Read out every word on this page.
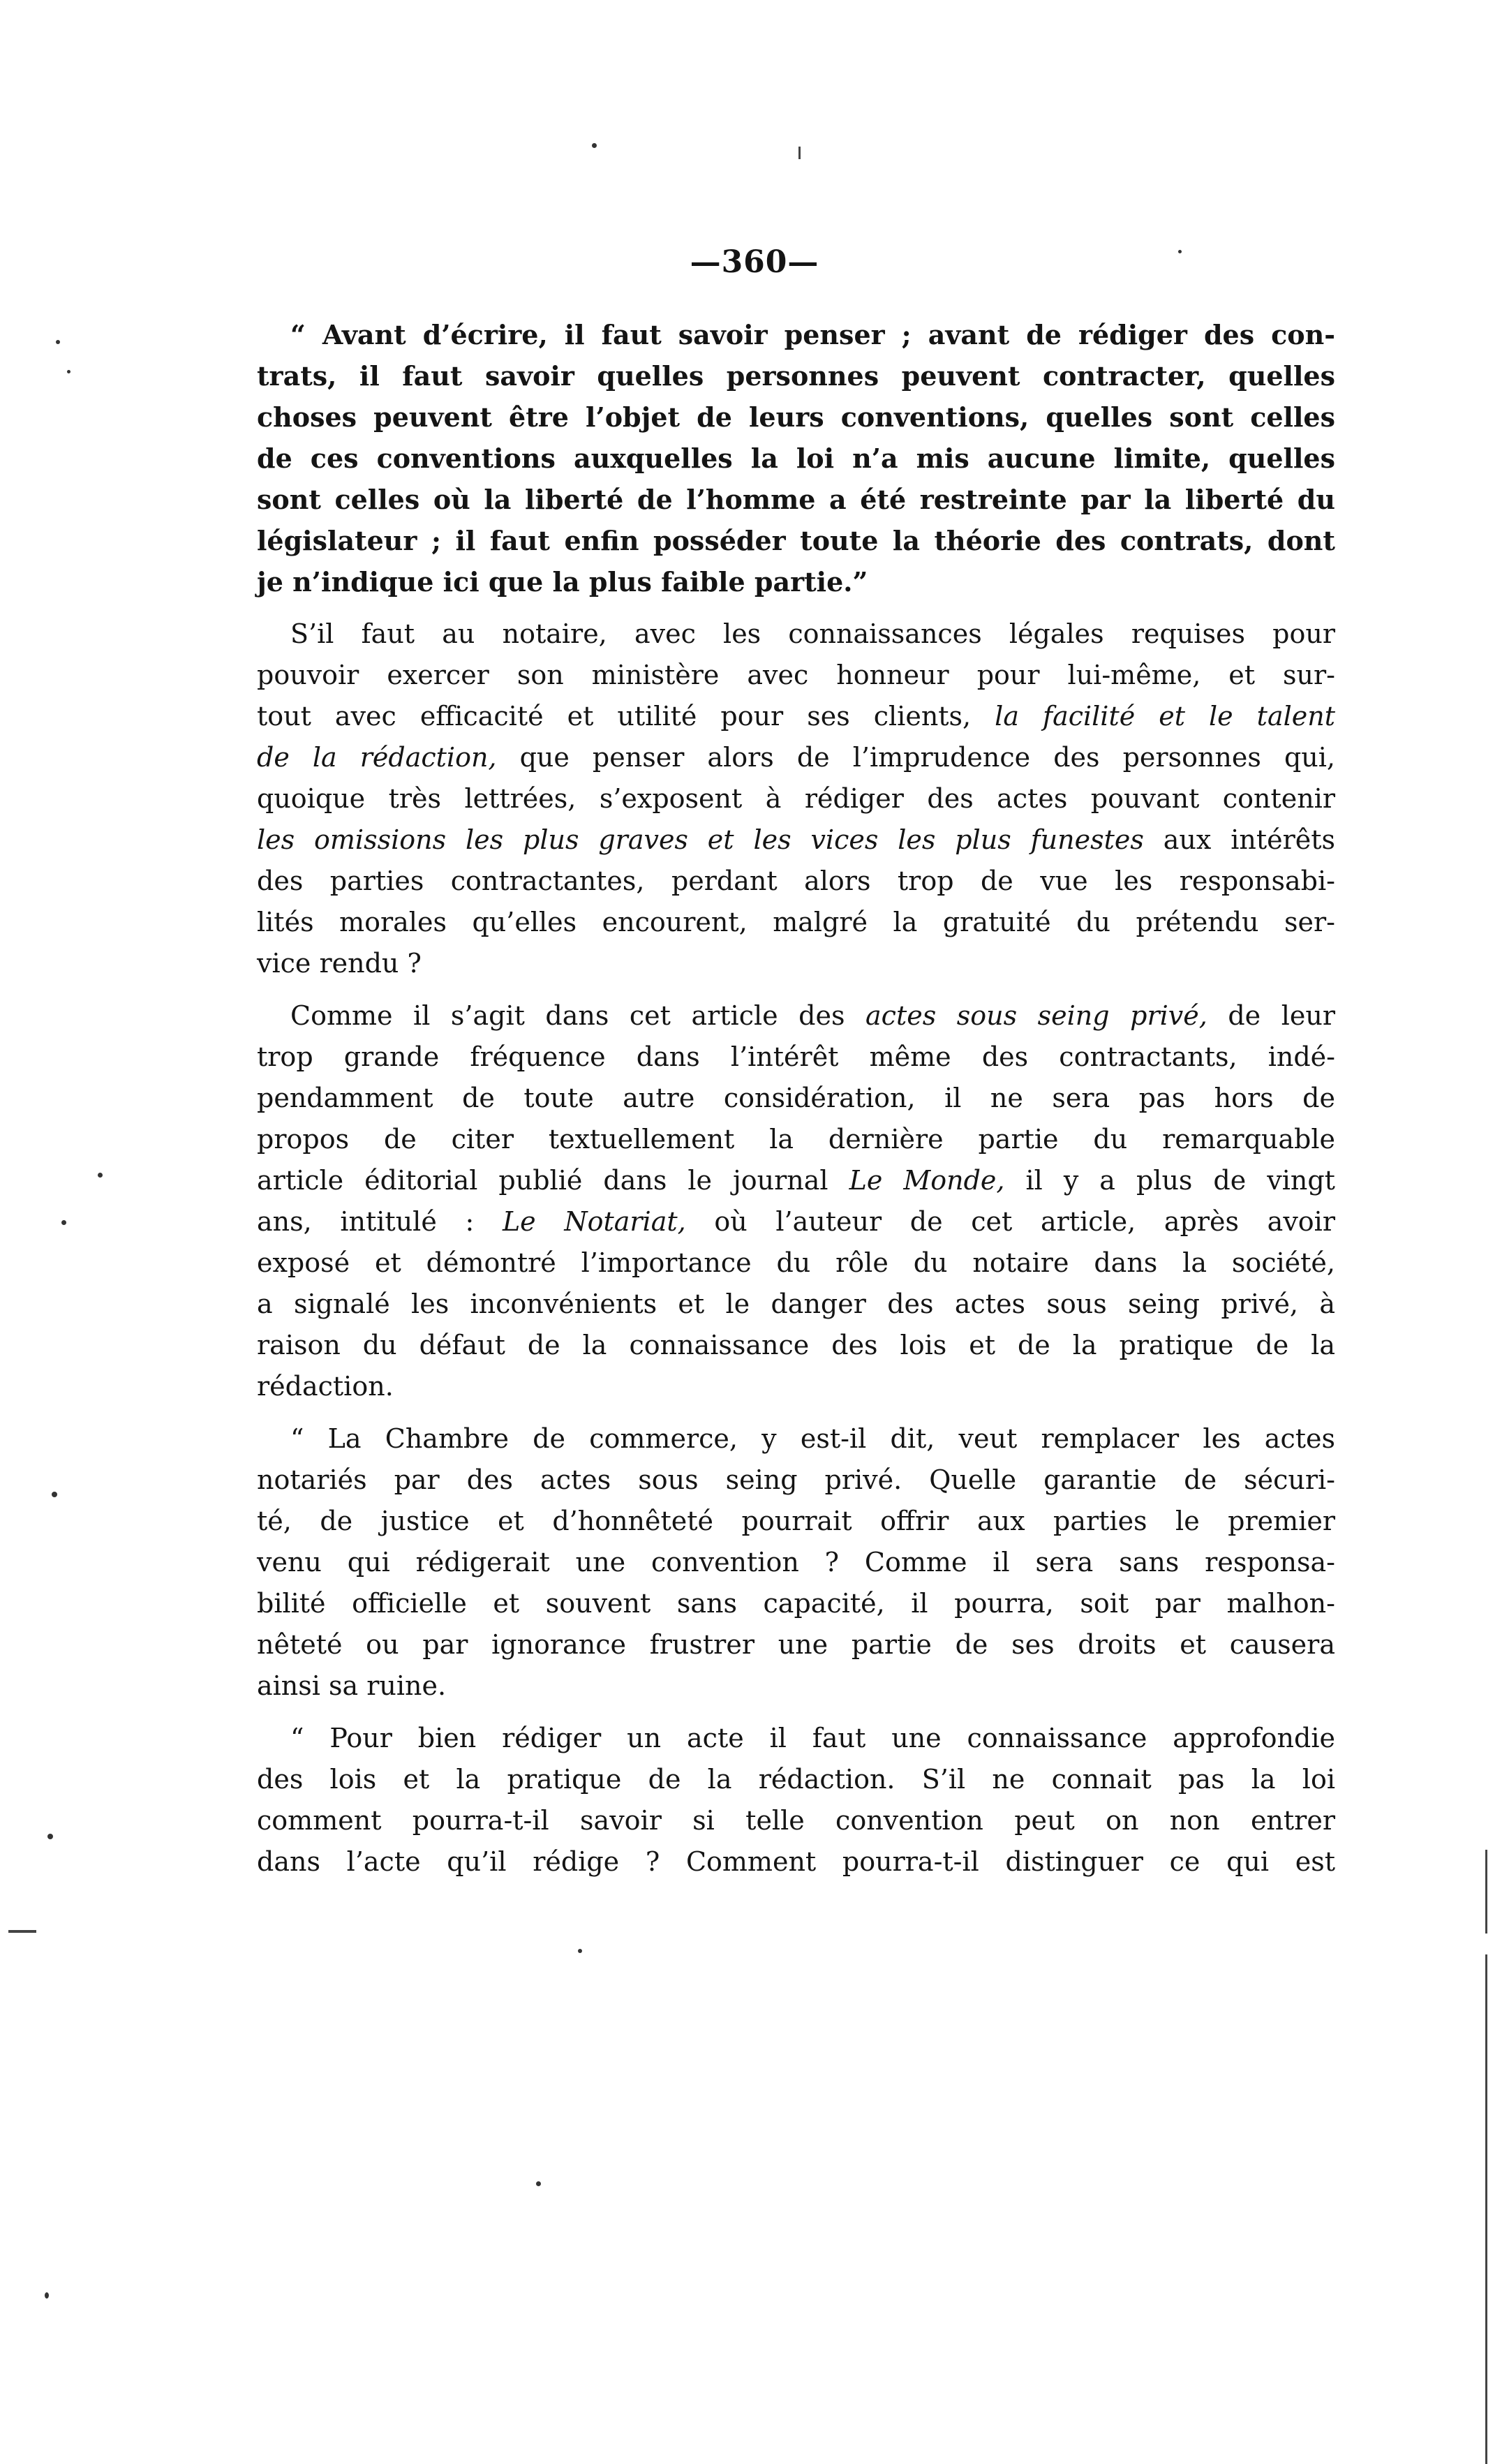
—360—
“ Avant d’écrire, il faut savoir penser ; avant de rédiger des con-
trats, il faut savoir quelles personnes peuvent contracter, quelles
choses peuvent être l’objet de leurs conventions, quelles sont celles
de ces conventions auxquelles la loi n’a mis aucune limite, quelles
sont celles où la liberté de l’homme a été restreinte par la liberté du
législateur ; il faut enfin posséder toute la théorie des contrats, dont
je n’indique ici que la plus faible partie.”
S’il faut au notaire, avec les connaissances légales requises pour
pouvoir exercer son ministère avec honneur pour lui-même, et sur-
tout avec efficacité et utilité pour ses clients, la facilité et le talent
de la rédaction, que penser alors de l’imprudence des personnes qui,
quoique très lettrées, s’exposent à rédiger des actes pouvant contenir
les omissions les plus graves et les vices les plus funestes aux intérêts
des parties contractantes, perdant alors trop de vue les responsabi-
lités morales qu’elles encourent, malgré la gratuité du prétendu ser-
vice rendu ?
Comme il s’agit dans cet article des actes sous seing privé, de leur
trop grande fréquence dans l’intérêt même des contractants, indé-
pendamment de toute autre considération, il ne sera pas hors de
propos de citer textuellement la dernière partie du remarquable
article éditorial publié dans le journal Le Monde, il y a plus de vingt
ans, intitulé : Le Notariat, où l’auteur de cet article, après avoir
exposé et démontré l’importance du rôle du notaire dans la société,
a signalé les inconvénients et le danger des actes sous seing privé, à
raison du défaut de la connaissance des lois et de la pratique de la
rédaction.
“ La Chambre de commerce, y est-il dit, veut remplacer les actes
notariés par des actes sous seing privé. Quelle garantie de sécuri-
té, de justice et d’honnêteté pourrait offrir aux parties le premier
venu qui rédigerait une convention ? Comme il sera sans responsa-
bilité officielle et souvent sans capacité, il pourra, soit par malhon-
nêteté ou par ignorance frustrer une partie de ses droits et causera
ainsi sa ruine.
“ Pour bien rédiger un acte il faut une connaissance approfondie
des lois et la pratique de la rédaction. S’il ne connait pas la loi
comment pourra-t-il savoir si telle convention peut on non entrer
dans l’acte qu’il rédige ? Comment pourra-t-il distinguer ce qui est
